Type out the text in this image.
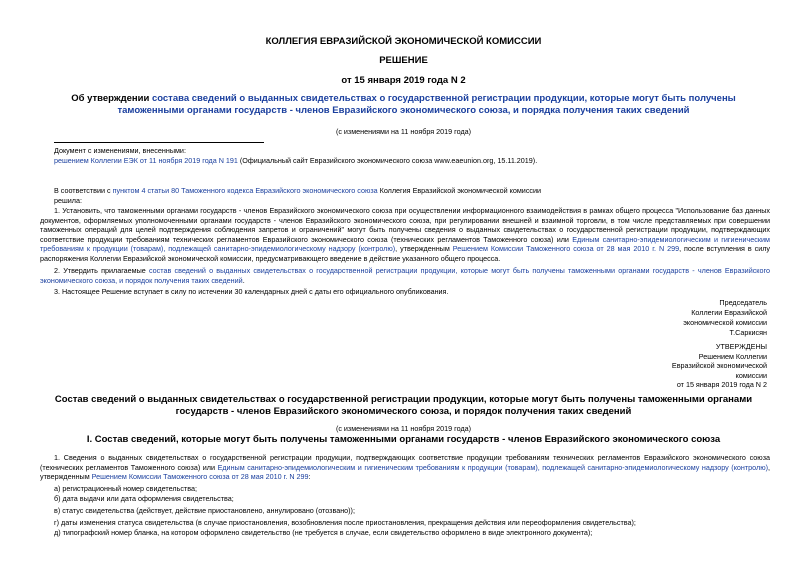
КОЛЛЕГИЯ ЕВРАЗИЙСКОЙ ЭКОНОМИЧЕСКОЙ КОМИССИИ
РЕШЕНИЕ
от 15 января 2019 года N 2
Об утверждении состава сведений о выданных свидетельствах о государственной регистрации продукции, которые могут быть получены таможенными органами государств - членов Евразийского экономического союза, и порядка получения таких сведений
(с изменениями на 11 ноября 2019 года)
Документ с изменениями, внесенными:
решением Коллегии ЕЭК от 11 ноября 2019 года N 191 (Официальный сайт Евразийского экономического союза www.eaeunion.org, 15.11.2019).
В соответствии с пунктом 4 статьи 80 Таможенного кодекса Евразийского экономического союза Коллегия Евразийской экономической комиссии
решила:
1. Установить, что таможенными органами государств - членов Евразийского экономического союза при осуществлении информационного взаимодействия в рамках общего процесса "Использование баз данных документов, оформляемых уполномоченными органами государств - членов Евразийского экономического союза, при регулировании внешней и взаимной торговли, в том числе представляемых при совершении таможенных операций для целей подтверждения соблюдения запретов и ограничений" могут быть получены сведения о выданных свидетельствах о государственной регистрации продукции, подтверждающих соответствие продукции требованиям технических регламентов Евразийского экономического союза (технических регламентов Таможенного союза) или Единым санитарно-эпидемиологическим и гигиеническим требованиям к продукции (товарам), подлежащей санитарно-эпидемиологическому надзору (контролю), утвержденным Решением Комиссии Таможенного союза от 28 мая 2010 г. N 299, после вступления в силу распоряжения Коллегии Евразийской экономической комиссии, предусматривающего введение в действие указанного общего процесса.
2. Утвердить прилагаемые состав сведений о выданных свидетельствах о государственной регистрации продукции, которые могут быть получены таможенными органами государств - членов Евразийского экономического союза, и порядок получения таких сведений.
3. Настоящее Решение вступает в силу по истечении 30 календарных дней с даты его официального опубликования.
Председатель
Коллегии Евразийской
экономической комиссии
Т.Саркисян
УТВЕРЖДЕНЫ
Решением Коллегии
Евразийской экономической
комиссии
от 15 января 2019 года N 2
Состав сведений о выданных свидетельствах о государственной регистрации продукции, которые могут быть получены таможенными органами государств - членов Евразийского экономического союза, и порядок получения таких сведений
(с изменениями на 11 ноября 2019 года)
I. Состав сведений, которые могут быть получены таможенными органами государств - членов Евразийского экономического союза
1. Сведения о выданных свидетельствах о государственной регистрации продукции, подтверждающих соответствие продукции требованиям технических регламентов Евразийского экономического союза (технических регламентов Таможенного союза) или Единым санитарно-эпидемиологическим и гигиеническим требованиям к продукции (товарам), подлежащей санитарно-эпидемиологическому надзору (контролю), утвержденным Решением Комиссии Таможенного союза от 28 мая 2010 г. N 299:
а) регистрационный номер свидетельства;
б) дата выдачи или дата оформления свидетельства;
в) статус свидетельства (действует, действие приостановлено, аннулировано (отозвано));
г) даты изменения статуса свидетельства (в случае приостановления, возобновления после приостановления, прекращения действия или переоформления свидетельства);
д) типографский номер бланка, на котором оформлено свидетельство (не требуется в случае, если свидетельство оформлено в виде электронного документа);
